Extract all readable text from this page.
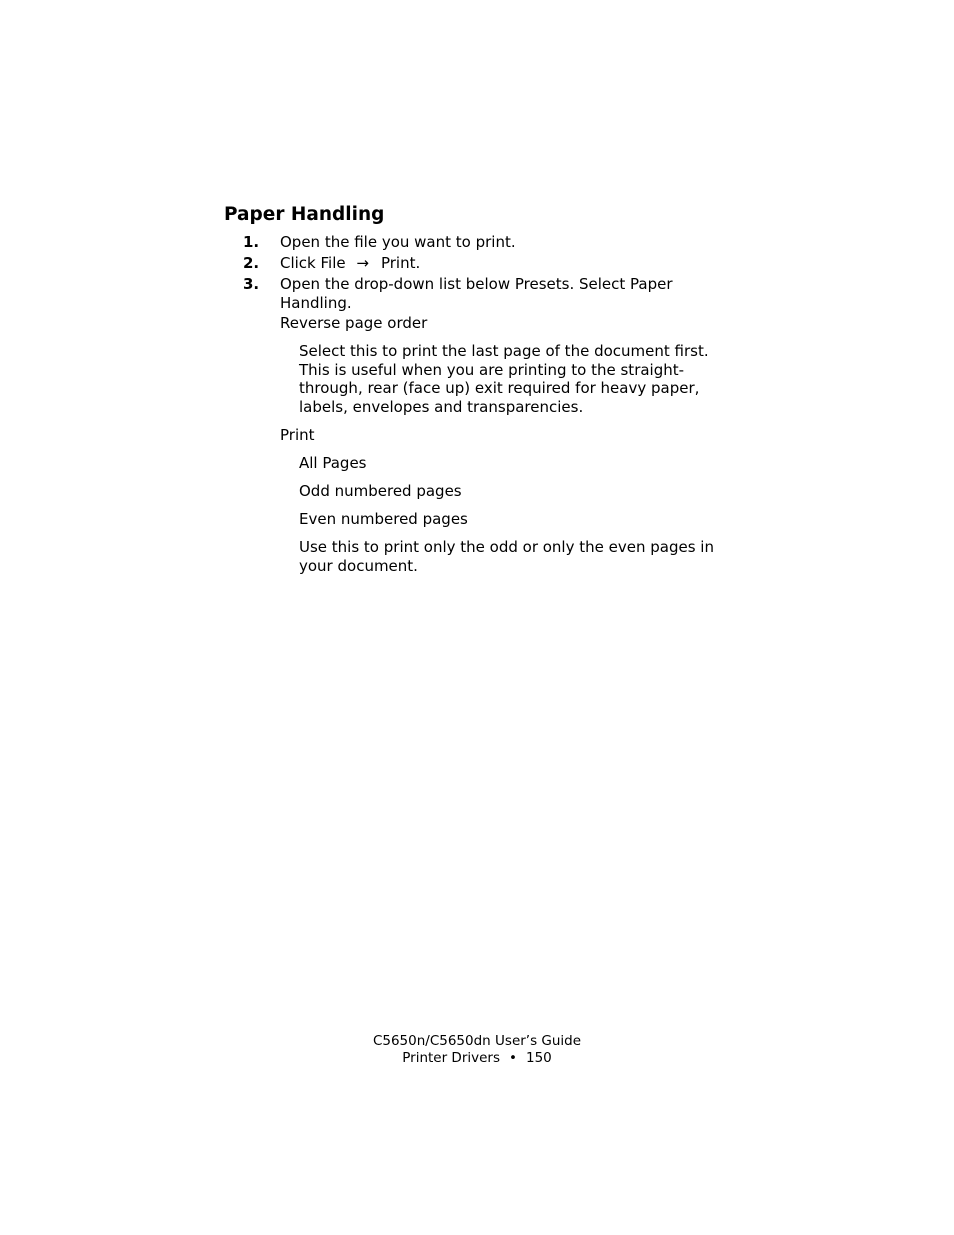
Paper Handling
1. Open the file you want to print.
2. Click File → Print.
3. Open the drop-down list below Presets. Select Paper Handling.
Reverse page order
Select this to print the last page of the document first. This is useful when you are printing to the straight-through, rear (face up) exit required for heavy paper, labels, envelopes and transparencies.
Print
All Pages
Odd numbered pages
Even numbered pages
Use this to print only the odd or only the even pages in your document.
C5650n/C5650dn User’s Guide
Printer Drivers • 150
